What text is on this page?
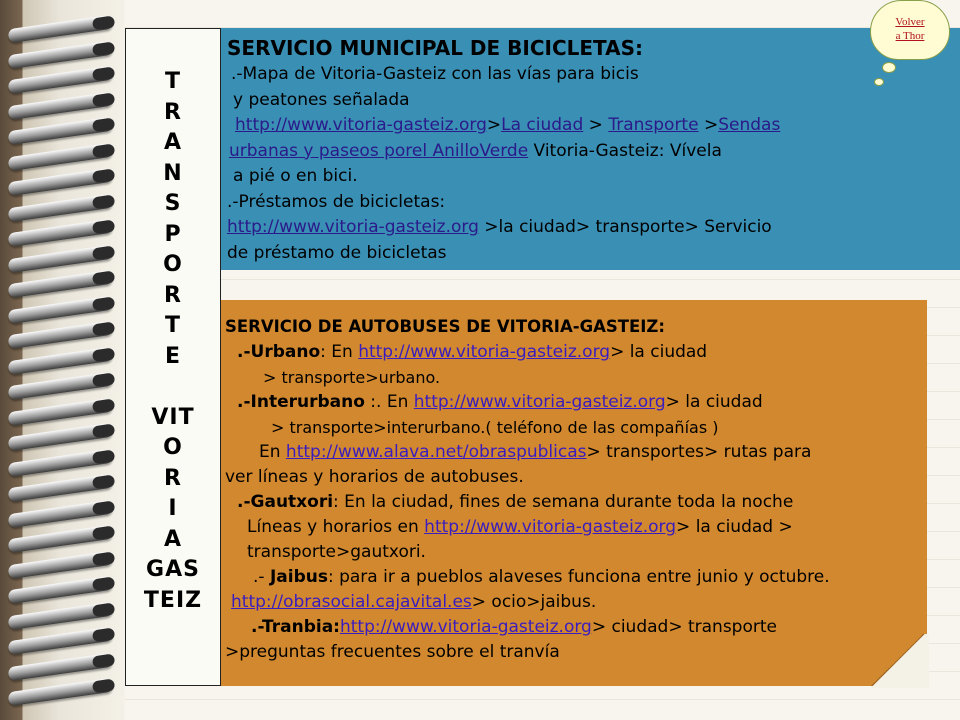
T
R
A
N
S
P
O
R
T
E

VIT
O
R
I
A
GAS
TEIZ
SERVICIO MUNICIPAL DE BICICLETAS:
.-Mapa de Vitoria-Gasteiz con las vías para bicis
y peatones señalada
http://www.vitoria-gasteiz.org>La ciudad > Transporte >Sendas
urbanas y paseos porel AnilloVerde Vitoria-Gasteiz: Vívela
a pié o en bici.
.-Préstamos de bicicletas:
http://www.vitoria-gasteiz.org >la ciudad> transporte> Servicio
de préstamo de bicicletas
SERVICIO DE AUTOBUSES DE VITORIA-GASTEIZ:
.-Urbano: En http://www.vitoria-gasteiz.org> la ciudad
> transporte>urbano.
.-Interurbano :. En http://www.vitoria-gasteiz.org> la ciudad
> transporte>interurbano.( teléfono de las compañías )
En http://www.alava.net/obraspublicas> transportes> rutas para
ver líneas y horarios de autobuses.
.-Gautxori: En la ciudad, fines de semana durante toda la noche
Líneas y horarios en http://www.vitoria-gasteiz.org> la ciudad >
transporte>gautxori.
.- Jaibus: para ir a pueblos alaveses funciona entre junio y octubre.
http://obrasocial.cajavital.es> ocio>jaibus.
.-Tranbia:http://www.vitoria-gasteiz.org> ciudad> transporte
>preguntas frecuentes sobre el tranvía
Volver
a Thor
